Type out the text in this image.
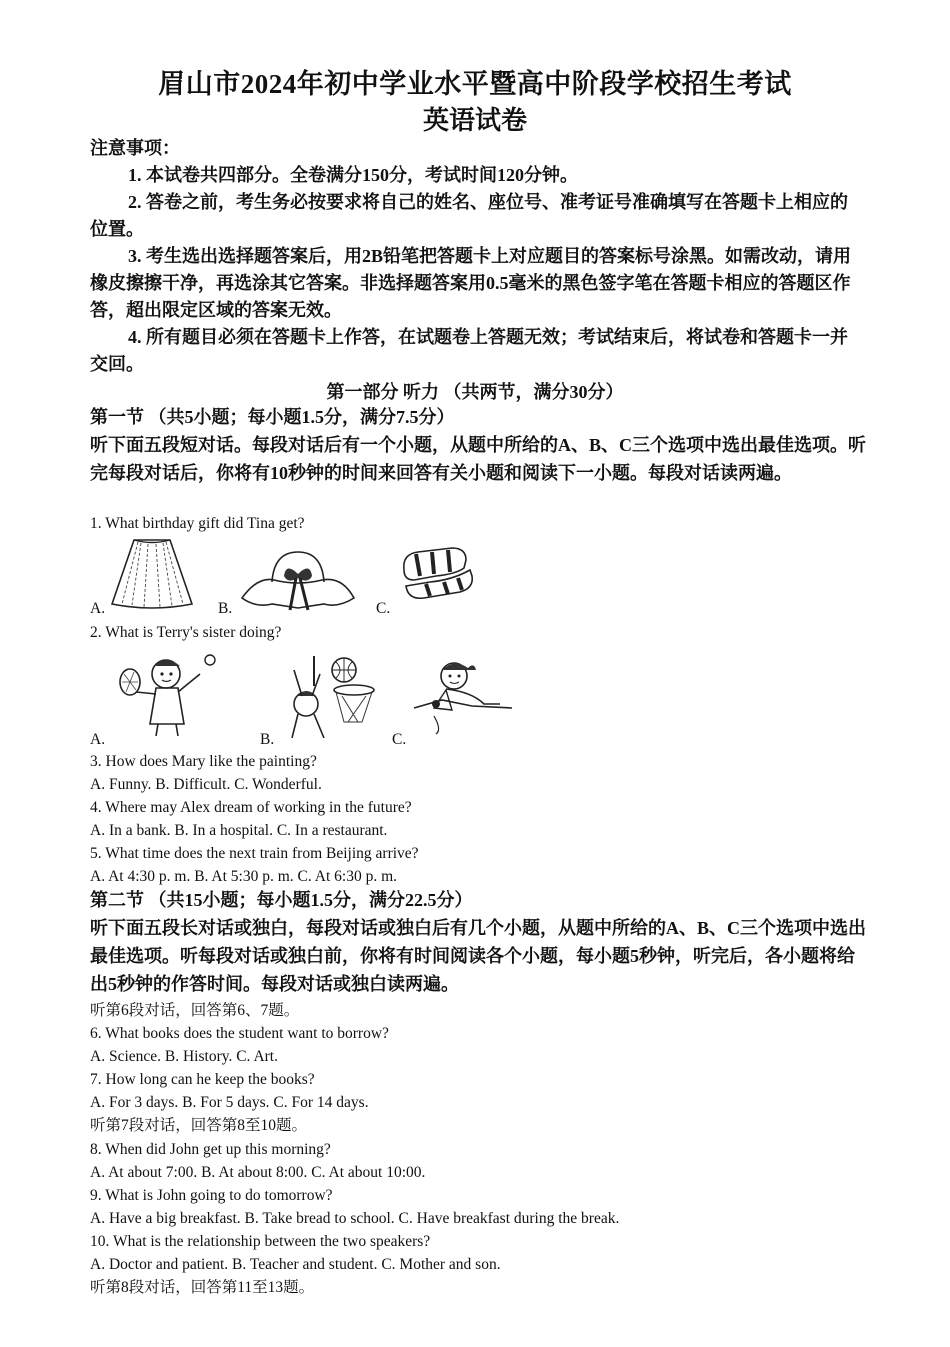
眉山市2024年初中学业水平暨高中阶段学校招生考试
英语试卷

注意事项：

1. 本试卷共四部分。全卷满分150分，考试时间120分钟。

2. 答卷之前，考生务必按要求将自己的姓名、座位号、准考证号准确填写在答题卡上相应的位置。

3. 考生选出选择题答案后，用2B铅笔把答题卡上对应题目的答案标号涂黑。如需改动，请用橡皮擦擦干净，再选涂其它答案。非选择题答案用0.5毫米的黑色签字笔在答题卡相应的答题区作答，超出限定区域的答案无效。

4. 所有题目必须在答题卡上作答，在试题卷上答题无效；考试结束后，将试卷和答题卡一并交回。

第一部分 听力 （共两节，满分30分）

第一节 （共5小题；每小题1.5分，满分7.5分）

听下面五段短对话。每段对话后有一个小题，从题中所给的A、B、C三个选项中选出最佳选项。听完每段对话后，你将有10秒钟的时间来回答有关小题和阅读下一小题。每段对话读两遍。

1. What birthday gift did Tina get?
A.	B.	C.
2. What is Terry's sister doing?
A.	B.	C.
3. How does Mary like the painting?
A. Funny. B. Difficult. C. Wonderful.
4. Where may Alex dream of working in the future?
A. In a bank. B. In a hospital. C. In a restaurant.
5. What time does the next train from Beijing arrive?
A. At 4:30 p. m. B. At 5:30 p. m. C. At 6:30 p. m.

第二节 （共15小题；每小题1.5分，满分22.5分）

听下面五段长对话或独白，每段对话或独白后有几个小题，从题中所给的A、B、C三个选项中选出最佳选项。听每段对话或独白前，你将有时间阅读各个小题，每小题5秒钟，听完后，各小题将给出5秒钟的作答时间。每段对话或独白读两遍。

听第6段对话，回答第6、7题。
6. What books does the student want to borrow?
A. Science. B. History. C. Art.
7. How long can he keep the books?
A. For 3 days. B. For 5 days. C. For 14 days.
听第7段对话，回答第8至10题。
8. When did John get up this morning?
A. At about 7:00. B. At about 8:00. C. At about 10:00.
9. What is John going to do tomorrow?
A. Have a big breakfast. B. Take bread to school. C. Have breakfast during the break.
10. What is the relationship between the two speakers?
A. Doctor and patient. B. Teacher and student. C. Mother and son.
听第8段对话，回答第11至13题。
